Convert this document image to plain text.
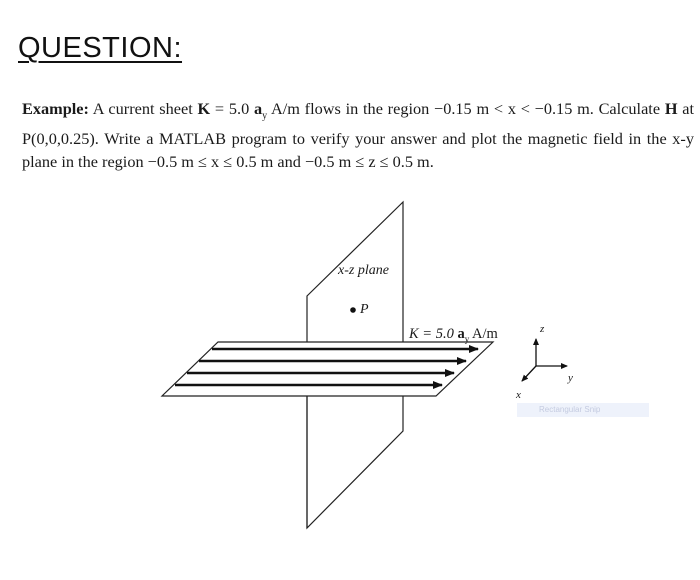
QUESTION:
Example: A current sheet K = 5.0 $a_y$ A/m flows in the region −0.15 m < x < −0.15 m. Calculate H at
P(0,0,0.25). Write a MATLAB program to verify your answer and plot the magnetic field in the x-y
plane in the region −0.5 m ≤ x ≤ 0.5 m and −0.5 m ≤ z ≤ 0.5 m.
x-z plane
P
K = 5.0 $a_y$ A/m	z
y
x
Rectangular Snip
